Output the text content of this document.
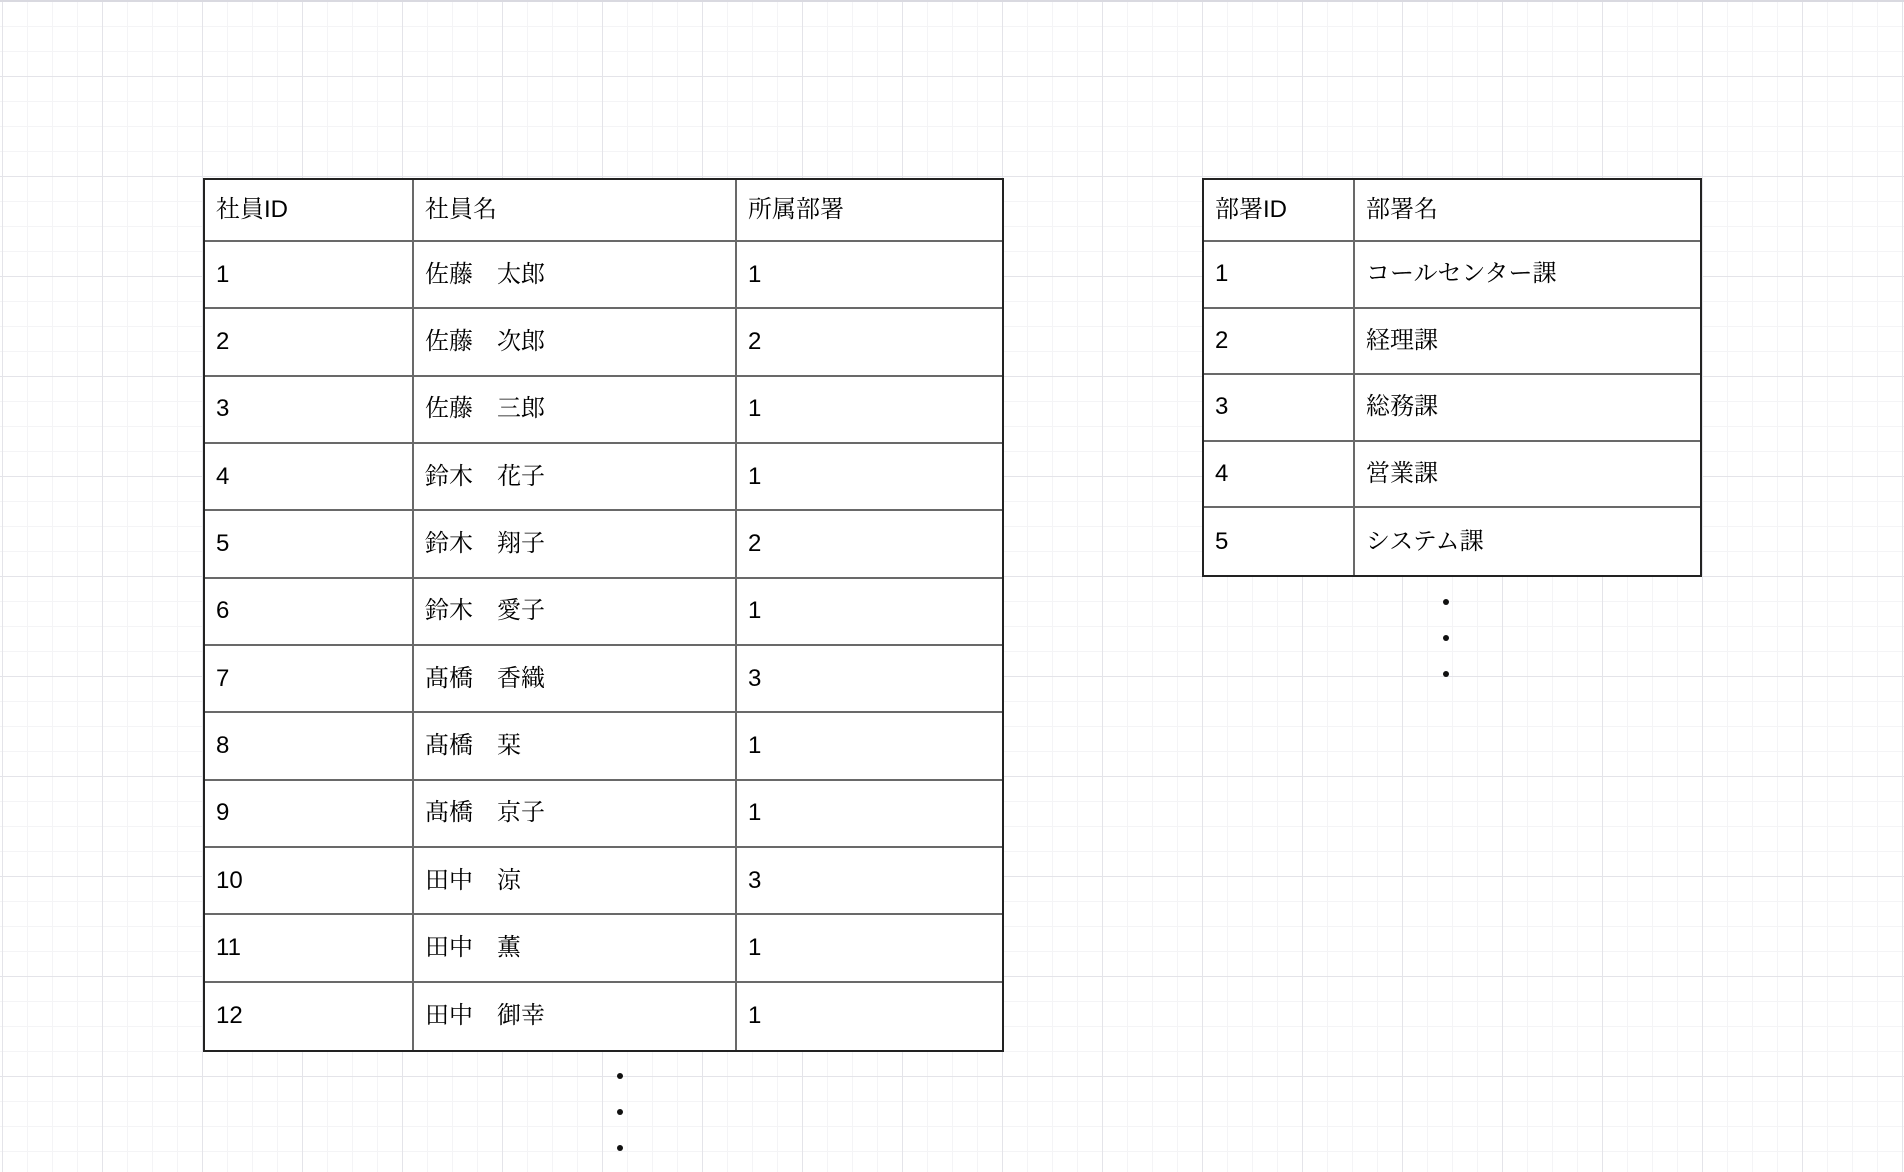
社員ID	社員名	所属部署
1	佐藤　太郎	1
2	佐藤　次郎	2
3	佐藤　三郎	1
4	鈴木　花子	1
5	鈴木　翔子	2
6	鈴木　愛子	1
7	髙橋　香織	3
8	髙橋　栞	1
9	髙橋　京子	1
10	田中　涼	3
11	田中　薫	1
12	田中　御幸	1
部署ID	部署名
1	コールセンター課
2	経理課
3	総務課
4	営業課
5	システム課
